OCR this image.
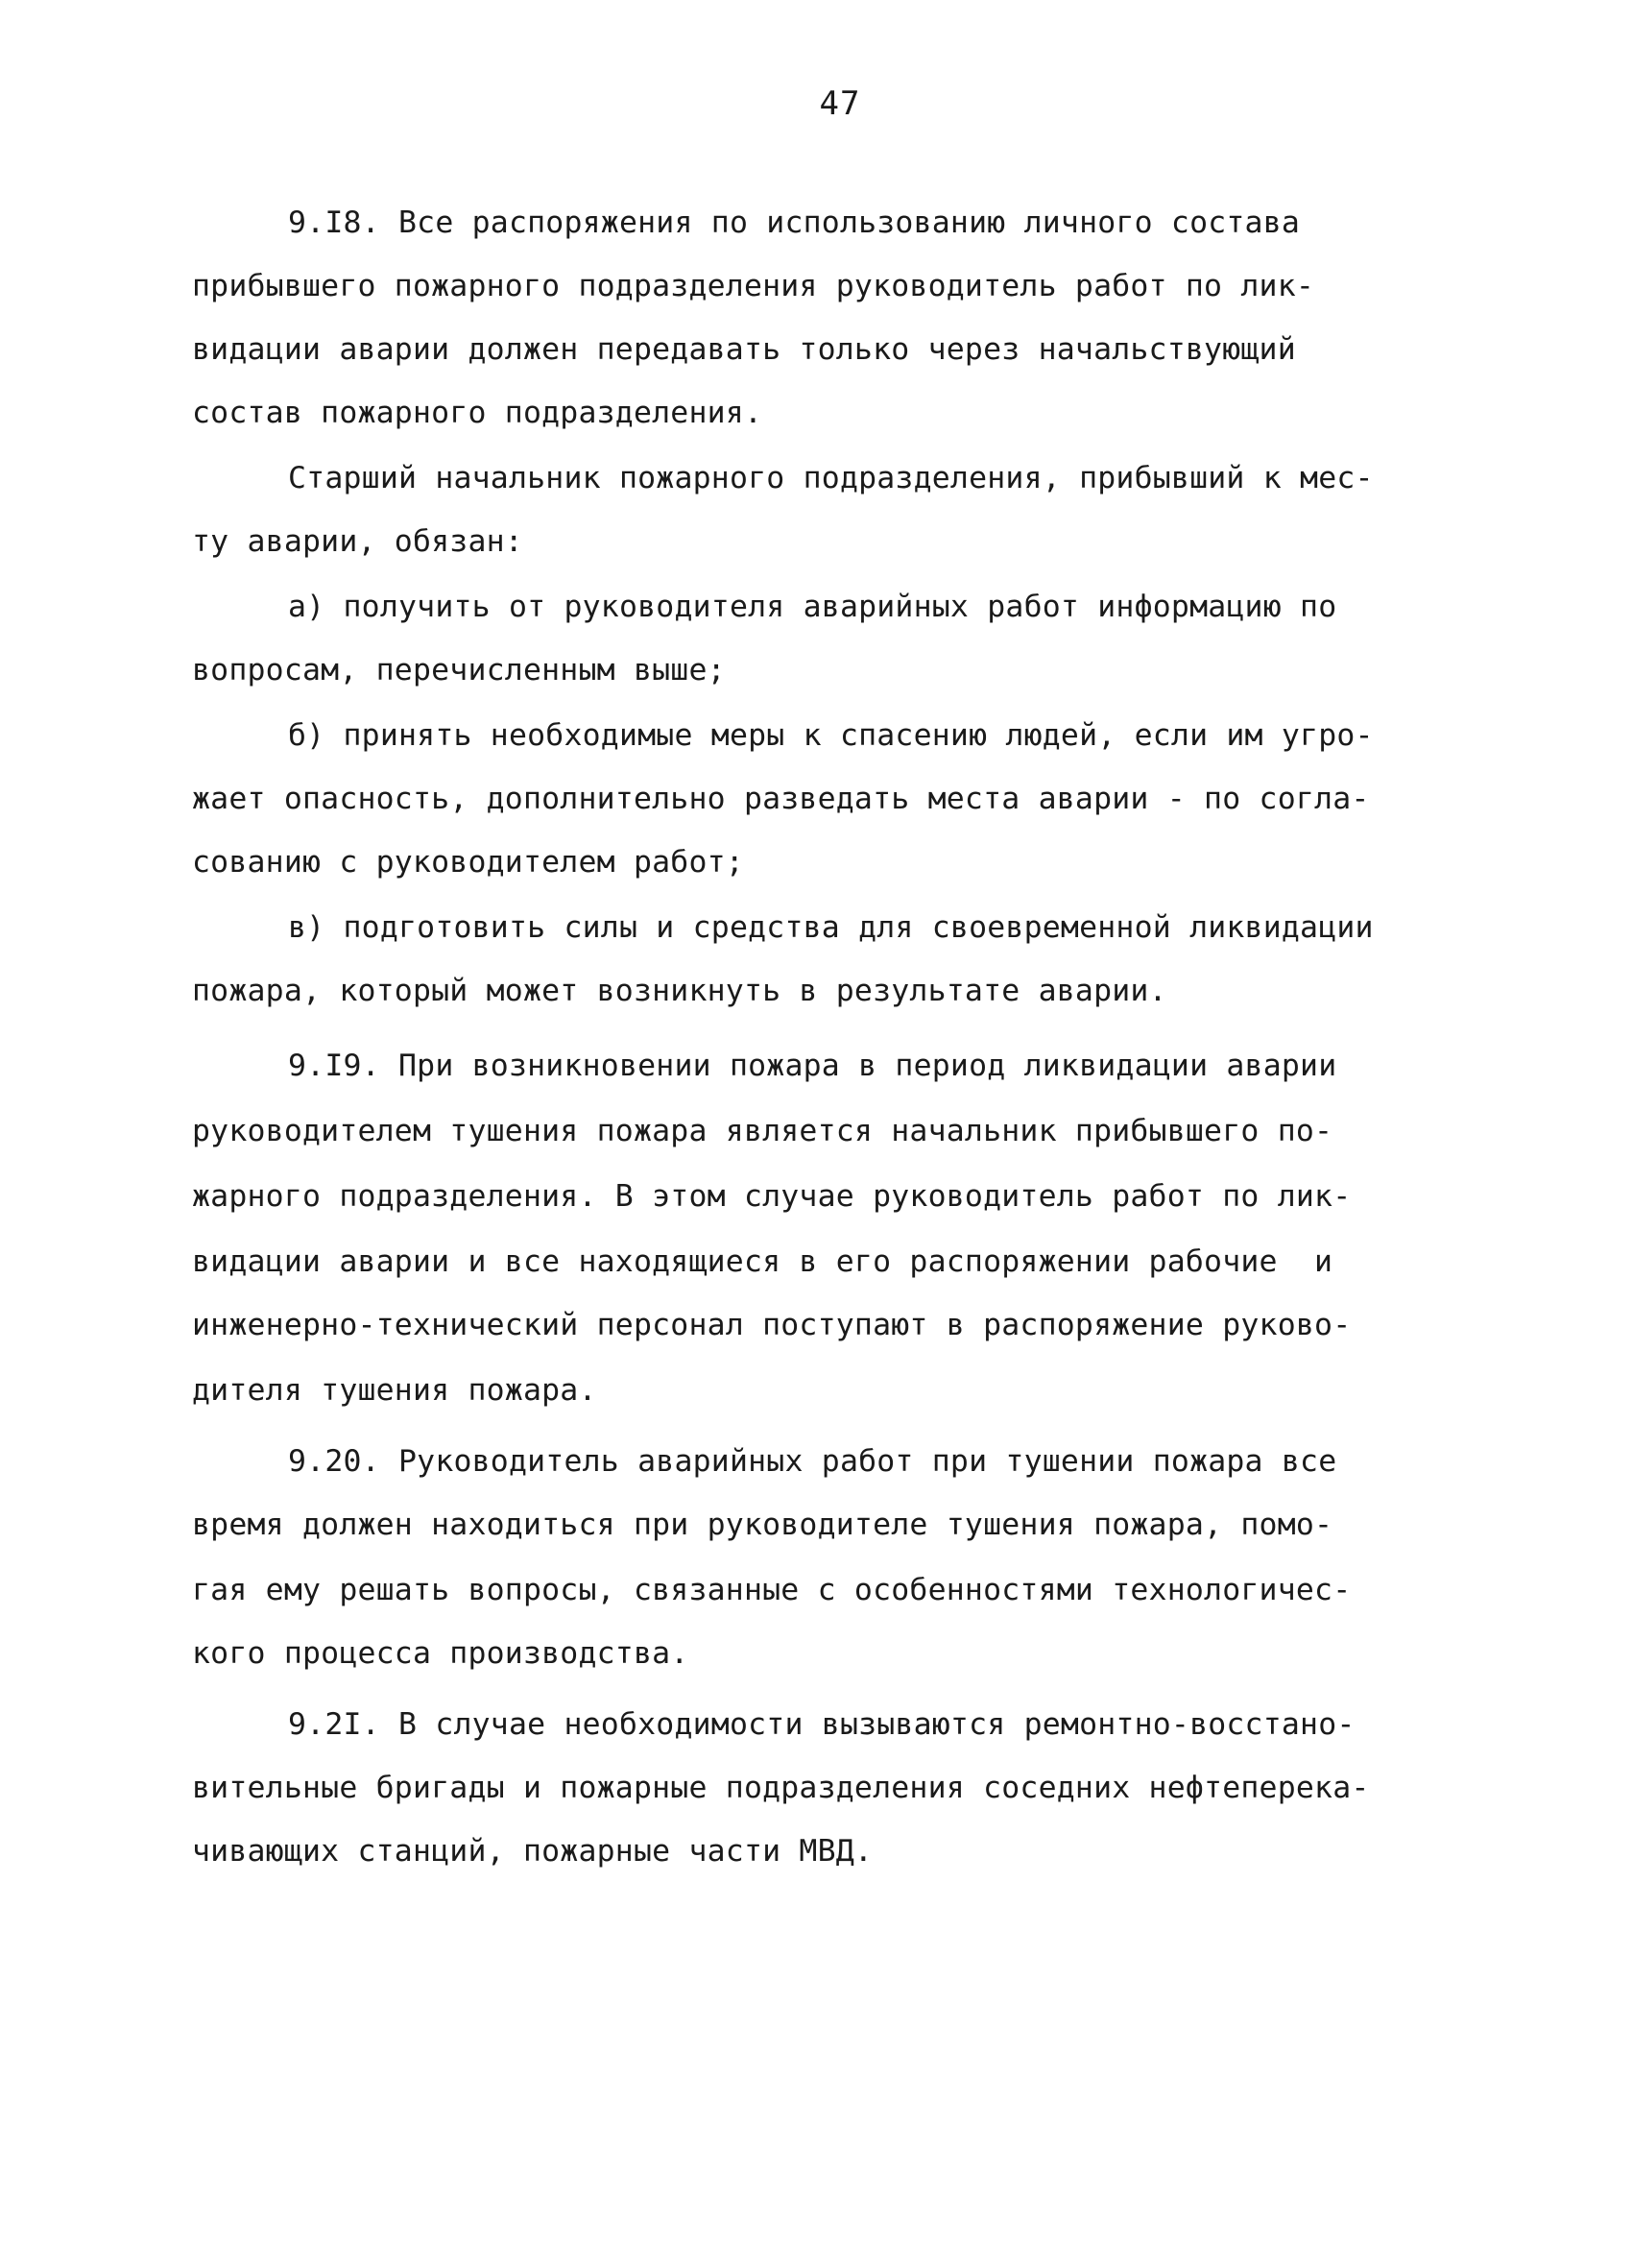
47
9.I8. Все распоряжения по использованию личного состава
прибывшего пожарного подразделения руководитель работ по лик-
видации аварии должен передавать только через начальствующий
состав пожарного подразделения.
Старший начальник пожарного подразделения, прибывший к мес-
ту аварии, обязан:
а) получить от руководителя аварийных работ информацию по
вопросам, перечисленным выше;
б) принять необходимые меры к спасению людей, если им угро-
жает опасность, дополнительно разведать места аварии - по согла-
сованию с руководителем работ;
в) подготовить силы и средства для своевременной ликвидации
пожара, который может возникнуть в результате аварии.
9.I9. При возникновении пожара в период ликвидации аварии
руководителем тушения пожара является начальник прибывшего по-
жарного подразделения. В этом случае руководитель работ по лик-
видации аварии и все находящиеся в его распоряжении рабочие  и
инженерно-технический персонал поступают в распоряжение руково-
дителя тушения пожара.
9.20. Руководитель аварийных работ при тушении пожара все
время должен находиться при руководителе тушения пожара, помо-
гая ему решать вопросы, связанные с особенностями технологичес-
кого процесса производства.
9.2I. В случае необходимости вызываются ремонтно-восстано-
вительные бригады и пожарные подразделения соседних нефтеперека-
чивающих станций, пожарные части МВД.
